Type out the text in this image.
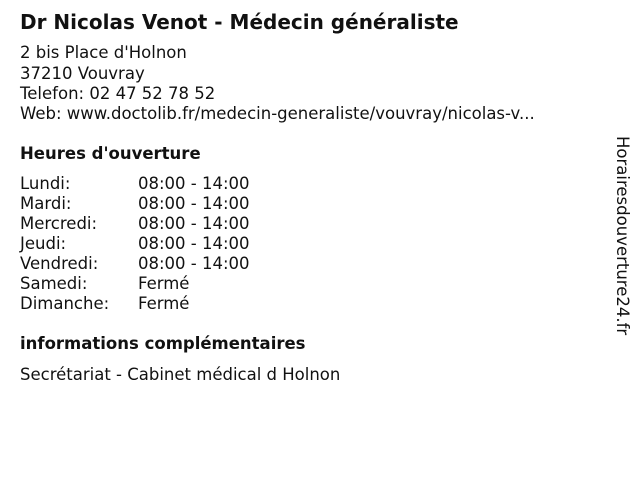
Dr Nicolas Venot - Médecin généraliste
2 bis Place d'Holnon
37210 Vouvray
Telefon: 02 47 52 78 52
Web: www.doctolib.fr/medecin-generaliste/vouvray/nicolas-v...
Heures d'ouverture
Lundi:	08:00 - 14:00
Mardi:	08:00 - 14:00
Mercredi: 08:00 - 14:00
Jeudi:	08:00 - 14:00
Vendredi: 08:00 - 14:00
Samedi:	Fermé
Dimanche: Fermé
informations complémentaires
Secrétariat - Cabinet médical d Holnon
Horairesdouverture24.fr
